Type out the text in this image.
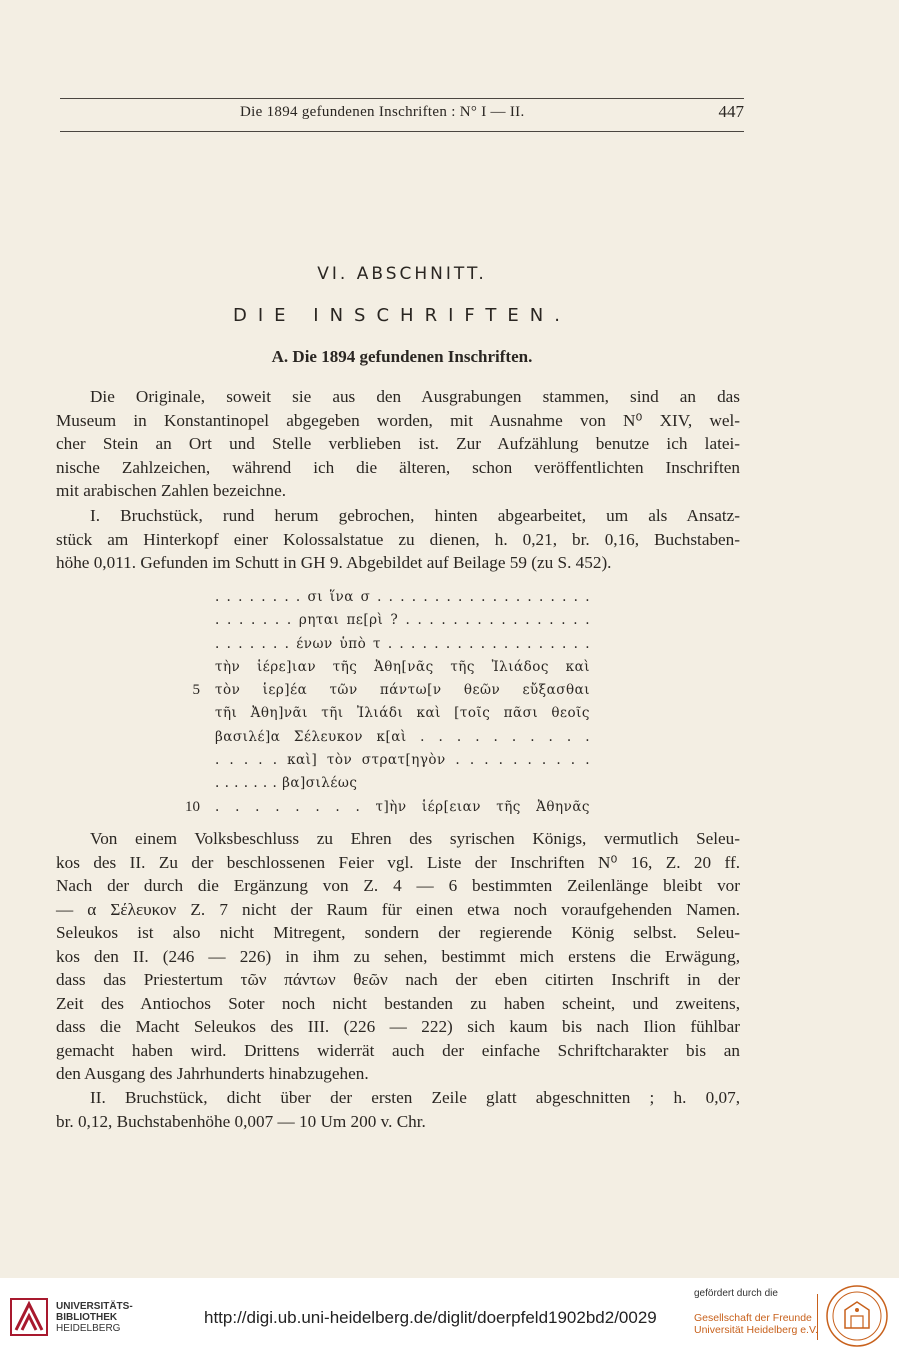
Die 1894 gefundenen Inschriften : N° I — II.	447
VI. ABSCHNITT.
DIE INSCHRIFTEN.
A. Die 1894 gefundenen Inschriften.
Die Originale, soweit sie aus den Ausgrabungen stammen, sind an das
Museum in Konstantinopel abgegeben worden, mit Ausnahme von N⁰ XIV, wel-
cher Stein an Ort und Stelle verblieben ist. Zur Aufzählung benutze ich latei-
nische Zahlzeichen, während ich die älteren, schon veröffentlichten Inschriften
mit arabischen Zahlen bezeichne.
I. Bruchstück, rund herum gebrochen, hinten abgearbeitet, um als Ansatz-
stück am Hinterkopf einer Kolossalstatue zu dienen, h. 0,21, br. 0,16, Buchstaben-
höhe 0,011. Gefunden im Schutt in GH 9. Abgebildet auf Beilage 59 (zu S. 452).
. . . . . . . . σι ἵνα σ . . . . . . . . . . . . . . . . . . .
. . . . . . . ρηται πε[ρὶ ? . . . . . . . . . . . . . . . .
. . . . . . . ένων ὑπὸ τ . . . . . . . . . . . . . . . . . .
τὴν ἱέρε]ιαν τῆς Ἀθη[νᾶς τῆς Ἰλιάδος καὶ
5 τὸν ἱερ]έα τῶν πάντω[ν θεῶν εὔξασθαι
τῆι Ἀθη]νᾶι τῆι Ἰλιάδι καὶ [τοῖς πᾶσι θεοῖς
βασιλέ]α Σέλευκον κ[αὶ . . . . . . . . . .
. . . . . καὶ] τὸν στρατ[ηγὸν . . . . . . . . . .
. . . . . . . βα]σιλέως
10 . . . . . . . . τ]ὴν ἱέρ[ειαν τῆς Ἀθηνᾶς
Von einem Volksbeschluss zu Ehren des syrischen Königs, vermutlich Seleu-
kos des II. Zu der beschlossenen Feier vgl. Liste der Inschriften N⁰ 16, Z. 20 ff.
Nach der durch die Ergänzung von Z. 4 — 6 bestimmten Zeilenlänge bleibt vor
— α Σέλευκον Z. 7 nicht der Raum für einen etwa noch voraufgehenden Namen.
Seleukos ist also nicht Mitregent, sondern der regierende König selbst. Seleu-
kos den II. (246 — 226) in ihm zu sehen, bestimmt mich erstens die Erwägung,
dass das Priestertum τῶν πάντων θεῶν nach der eben citirten Inschrift in der
Zeit des Antiochos Soter noch nicht bestanden zu haben scheint, und zweitens,
dass die Macht Seleukos des III. (226 — 222) sich kaum bis nach Ilion fühlbar
gemacht haben wird. Drittens widerrät auch der einfache Schriftcharakter bis an
den Ausgang des Jahrhunderts hinabzugehen.
II. Bruchstück, dicht über der ersten Zeile glatt abgeschnitten ; h. 0,07,
br. 0,12, Buchstabenhöhe 0,007 — 10 Um 200 v. Chr.
UNIVERSITÄTS-
BIBLIOTHEK
HEIDELBERG
http://digi.ub.uni-heidelberg.de/diglit/doerpfeld1902bd2/0029
gefördert durch die
Gesellschaft der Freunde
Universität Heidelberg e.V.
